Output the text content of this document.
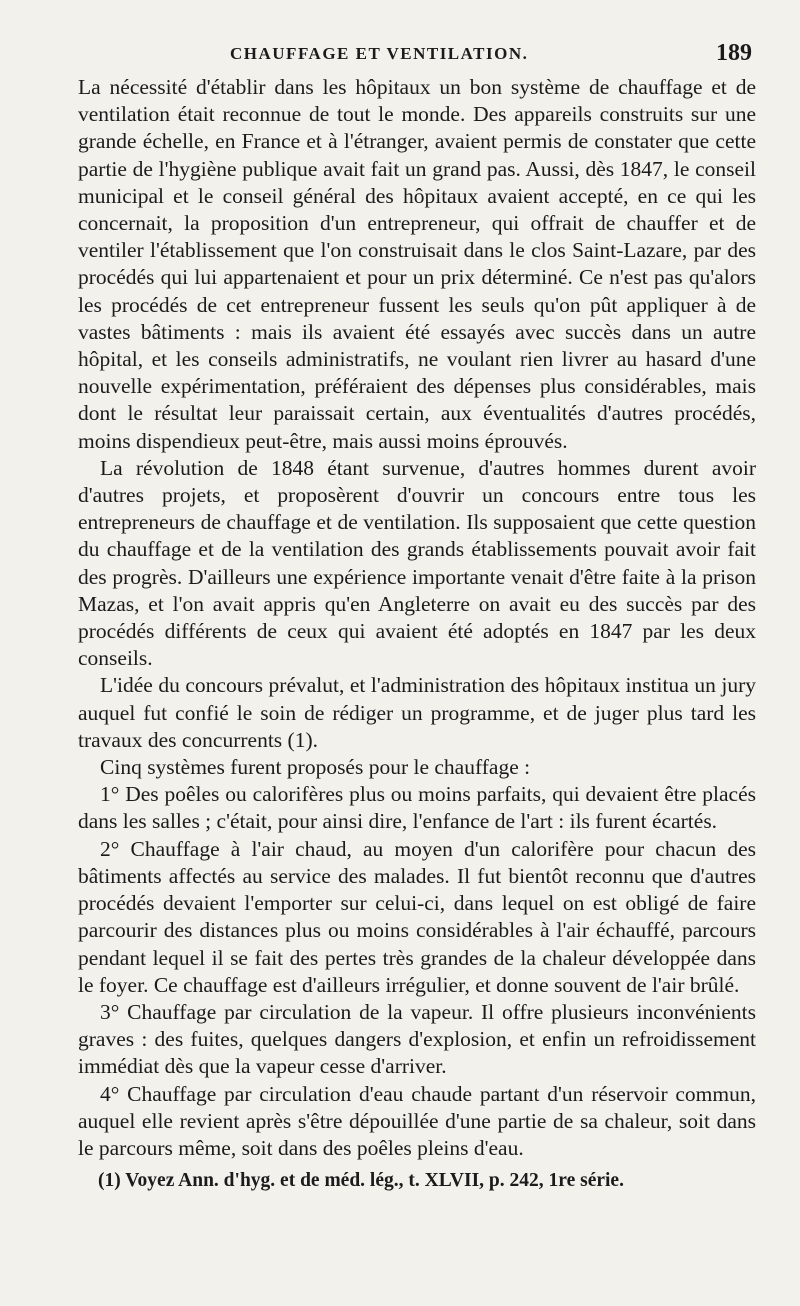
CHAUFFAGE ET VENTILATION.	189

La nécessité d'établir dans les hôpitaux un bon système de chauffage et de ventilation était reconnue de tout le monde. Des appareils construits sur une grande échelle, en France et à l'étranger, avaient permis de constater que cette partie de l'hygiène publique avait fait un grand pas. Aussi, dès 1847, le conseil municipal et le conseil général des hôpitaux avaient accepté, en ce qui les concernait, la proposition d'un entrepreneur, qui offrait de chauffer et de ventiler l'établissement que l'on construisait dans le clos Saint-Lazare, par des procédés qui lui appartenaient et pour un prix déterminé. Ce n'est pas qu'alors les procédés de cet entrepreneur fussent les seuls qu'on pût appliquer à de vastes bâtiments : mais ils avaient été essayés avec succès dans un autre hôpital, et les conseils administratifs, ne voulant rien livrer au hasard d'une nouvelle expérimentation, préféraient des dépenses plus considérables, mais dont le résultat leur paraissait certain, aux éventualités d'autres procédés, moins dispendieux peut-être, mais aussi moins éprouvés.

La révolution de 1848 étant survenue, d'autres hommes durent avoir d'autres projets, et proposèrent d'ouvrir un concours entre tous les entrepreneurs de chauffage et de ventilation. Ils supposaient que cette question du chauffage et de la ventilation des grands établissements pouvait avoir fait des progrès. D'ailleurs une expérience importante venait d'être faite à la prison Mazas, et l'on avait appris qu'en Angleterre on avait eu des succès par des procédés différents de ceux qui avaient été adoptés en 1847 par les deux conseils.

L'idée du concours prévalut, et l'administration des hôpitaux institua un jury auquel fut confié le soin de rédiger un programme, et de juger plus tard les travaux des concurrents (1).

Cinq systèmes furent proposés pour le chauffage :

1° Des poêles ou calorifères plus ou moins parfaits, qui devaient être placés dans les salles ; c'était, pour ainsi dire, l'enfance de l'art : ils furent écartés.

2° Chauffage à l'air chaud, au moyen d'un calorifère pour chacun des bâtiments affectés au service des malades. Il fut bientôt reconnu que d'autres procédés devaient l'emporter sur celui-ci, dans lequel on est obligé de faire parcourir des distances plus ou moins considérables à l'air échauffé, parcours pendant lequel il se fait des pertes très grandes de la chaleur développée dans le foyer. Ce chauffage est d'ailleurs irrégulier, et donne souvent de l'air brûlé.

3° Chauffage par circulation de la vapeur. Il offre plusieurs inconvénients graves : des fuites, quelques dangers d'explosion, et enfin un refroidissement immédiat dès que la vapeur cesse d'arriver.

4° Chauffage par circulation d'eau chaude partant d'un réservoir commun, auquel elle revient après s'être dépouillée d'une partie de sa chaleur, soit dans le parcours même, soit dans des poêles pleins d'eau.

(1) Voyez Ann. d'hyg. et de méd. lég., t. XLVII, p. 242, 1re série.
